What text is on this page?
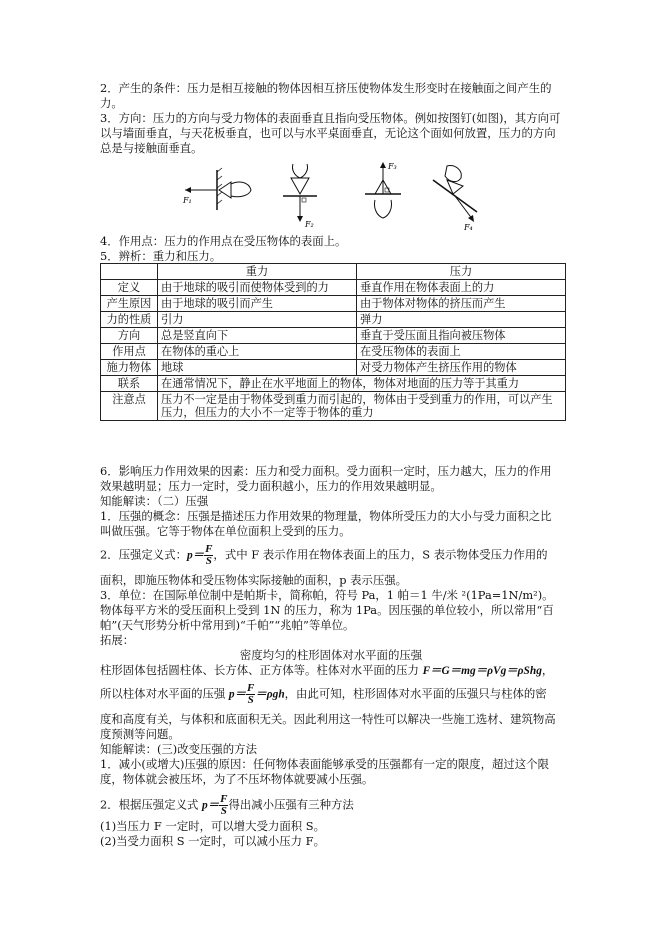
2．产生的条件：压力是相互接触的物体因相互挤压使物体发生形变时在接触面之间产生的力。
3．方向：压力的方向与受力物体的表面垂直且指向受压物体。例如按图钉(如图)，其方向可以与墙面垂直，与天花板垂直，也可以与水平桌面垂直，无论这个面如何放置，压力的方向总是与接触面垂直。
F₁
F₂
F₃
F₄
4．作用点：压力的作用点在受压物体的表面上。
5．辨析：重力和压力。
	重力	压力
定义	由于地球的吸引而使物体受到的力	垂直作用在物体表面上的力
产生原因	由于地球的吸引而产生	由于物体对物体的挤压而产生
力的性质	引力	弹力
方向	总是竖直向下	垂直于受压面且指向被压物体
作用点	在物体的重心上	在受压物体的表面上
施力物体	地球	对受力物体产生挤压作用的物体
联系	在通常情况下，静止在水平地面上的物体，物体对地面的压力等于其重力	
注意点	压力不一定是由于物体受到重力而引起的，物体由于受到重力的作用，可以产生压力，但压力的大小不一定等于物体的重力	
6．影响压力作用效果的因素：压力和受力面积。受力面积一定时，压力越大，压力的作用效果越明显；压力一定时，受力面积越小，压力的作用效果越明显。
知能解读：（二）压强
1．压强的概念：压强是描述压力作用效果的物理量，物体所受压力的大小与受力面积之比叫做压强。它等于物体在单位面积上受到的压力。
2．压强定义式：$p= \frac{F}{S}$ ，式中 F 表示作用在物体表面上的压力，S 表示物体受压力作用的
面积，即施压物体和受压物体实际接触的面积，p 表示压强。
3．单位：在国际单位制中是帕斯卡，简称帕，符号 Pa，1 帕＝1 牛/米 ²(1Pa=1N/m²)。物体每平方米的受压面积上受到 1N 的压力，称为 1Pa。因压强的单位较小，所以常用“百帕”(天气形势分析中常用到)“千帕”“兆帕”等单位。
拓展：
密度均匀的柱形固体对水平面的压强
柱形固体包括圆柱体、长方体、正方体等。柱体对水平面的压力 F＝G＝mg＝ρVg＝ρShg，
所以柱体对水平面的压强 $p= \frac{F}{S} =\rho gh$，由此可知，柱形固体对水平面的压强只与柱体的密
度和高度有关，与体积和底面积无关。因此利用这一特性可以解决一些施工选材、建筑物高度预测等问题。
知能解读：(三)改变压强的方法
1．减小(或增大)压强的原因：任何物体表面能够承受的压强都有一定的限度，超过这个限度，物体就会被压坏，为了不压坏物体就要减小压强。
2．根据压强定义式 $p= \frac{F}{S}$ 得出减小压强有三种方法
(1)当压力 F 一定时，可以增大受力面积 S。
(2)当受力面积 S 一定时，可以减小压力 F。
